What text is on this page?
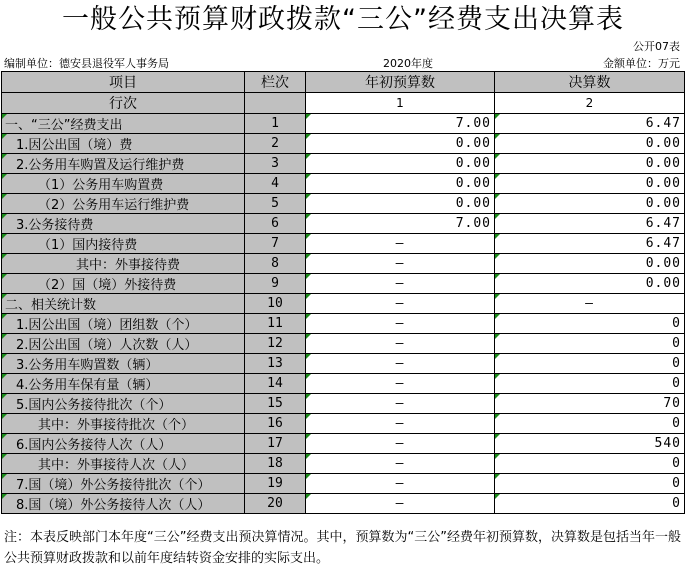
一般公共预算财政拨款“三公”经费支出决算表
公开07表
编制单位：德安县退役军人事务局	2020年度	金额单位：万元
项目	栏次	年初预算数	决算数
行次		1	2
一、“三公”经费支出	1	7.00	6.47
1.因公出国（境）费	2	0.00	0.00
2.公务用车购置及运行维护费	3	0.00	0.00
（1）公务用车购置费	4	0.00	0.00
（2）公务用车运行维护费	5	0.00	0.00
3.公务接待费	6	7.00	6.47
（1）国内接待费	7	—	6.47
其中：外事接待费	8	—	0.00
（2）国（境）外接待费	9	—	0.00
二、相关统计数	10	—	—
1.因公出国（境）团组数（个）	11	—	0
2.因公出国（境）人次数（人）	12	—	0
3.公务用车购置数（辆）	13	—	0
4.公务用车保有量（辆）	14	—	0
5.国内公务接待批次（个）	15	—	70
其中：外事接待批次（个）	16	—	0
6.国内公务接待人次（人）	17	—	540
其中：外事接待人次（人）	18	—	0
7.国（境）外公务接待批次（个）	19	—	0
8.国（境）外公务接待人次（人）	20	—	0
注：本表反映部门本年度“三公”经费支出预决算情况。其中，预算数为“三公”经费年初预算数，决算数是包括当年一般公共预算财政拨款和以前年度结转资金安排的实际支出。
